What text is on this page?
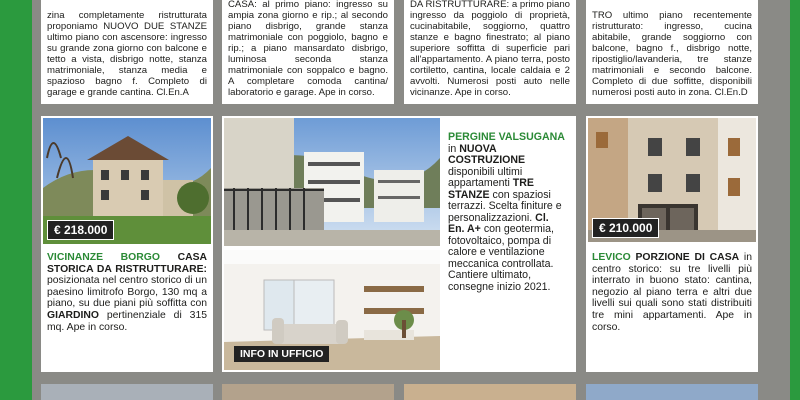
zina completamente ristrutturata proponiamo NUOVO DUE STANZE ultimo piano con ascensore: ingresso su grande zona giorno con balcone e tetto a vista, disbrigo notte, stanza matrimoniale, stanza media e spazioso bagno f. Completo di garage e grande cantina. Cl.En.A
CASA: al primo piano: ingresso su ampia zona giorno e rip.; al secondo piano disbrigo, grande stanza matrimoniale con poggiolo, bagno e rip.; a piano mansardato disbrigo, luminosa seconda stanza matrimoniale con soppalco e bagno. A completare comoda cantina/ laboratorio e garage. Ape in corso.
DA RISTRUTTURARE: a primo piano ingresso da poggiolo di proprietà, cucinabitabile, soggiorno, quattro stanze e bagno finestrato; al piano superiore soffitta di superficie pari all'appartamento. A piano terra, posto cortiletto, cantina, locale caldaia e 2 avvolti. Numerosi posti auto nelle vicinanze. Ape in corso.
TRO ultimo piano recentemente ristrutturato: ingresso, cucina abitabile, grande soggiorno con balcone, bagno f., disbrigo notte, ripostiglio/lavanderia, tre stanze matrimoniali e secondo balcone. Completo di due soffitte, disponibili numerosi posti auto in zona. Cl.En.D
€ 218.000
VICINANZE BORGO CASA STORICA DA RISTRUTTURARE: posizionata nel centro storico di un paesino limitrofo Borgo, 130 mq a piano, su due piani più soffitta con GIARDINO pertinenziale di 315 mq. Ape in corso.
INFO IN UFFICIO
PERGINE VALSUGANA in NUOVA COSTRUZIONE disponibili ultimi appartamenti TRE STANZE con spaziosi terrazzi. Scelta finiture e personalizzazioni. Cl. En. A+ con geotermia, fotovoltaico, pompa di calore e ventilazione meccanica controllata. Cantiere ultimato, consegne inizio 2021.
€ 210.000
LEVICO PORZIONE DI CASA in centro storico: su tre livelli più interrato in buono stato: cantina, negozio al piano terra e altri due livelli sui quali sono stati distribuiti tre mini appartamenti. Ape in corso.
